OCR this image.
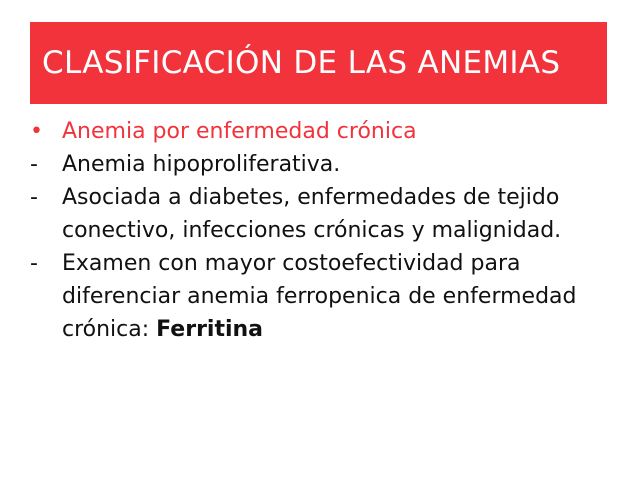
CLASIFICACIÓN DE LAS ANEMIAS
• Anemia por enfermedad crónica
-	Anemia hipoproliferativa.
-	Asociada a diabetes, enfermedades de tejido conectivo, infecciones crónicas y malignidad.
-	Examen con mayor costoefectividad para diferenciar anemia ferropenica de enfermedad crónica: Ferritina
